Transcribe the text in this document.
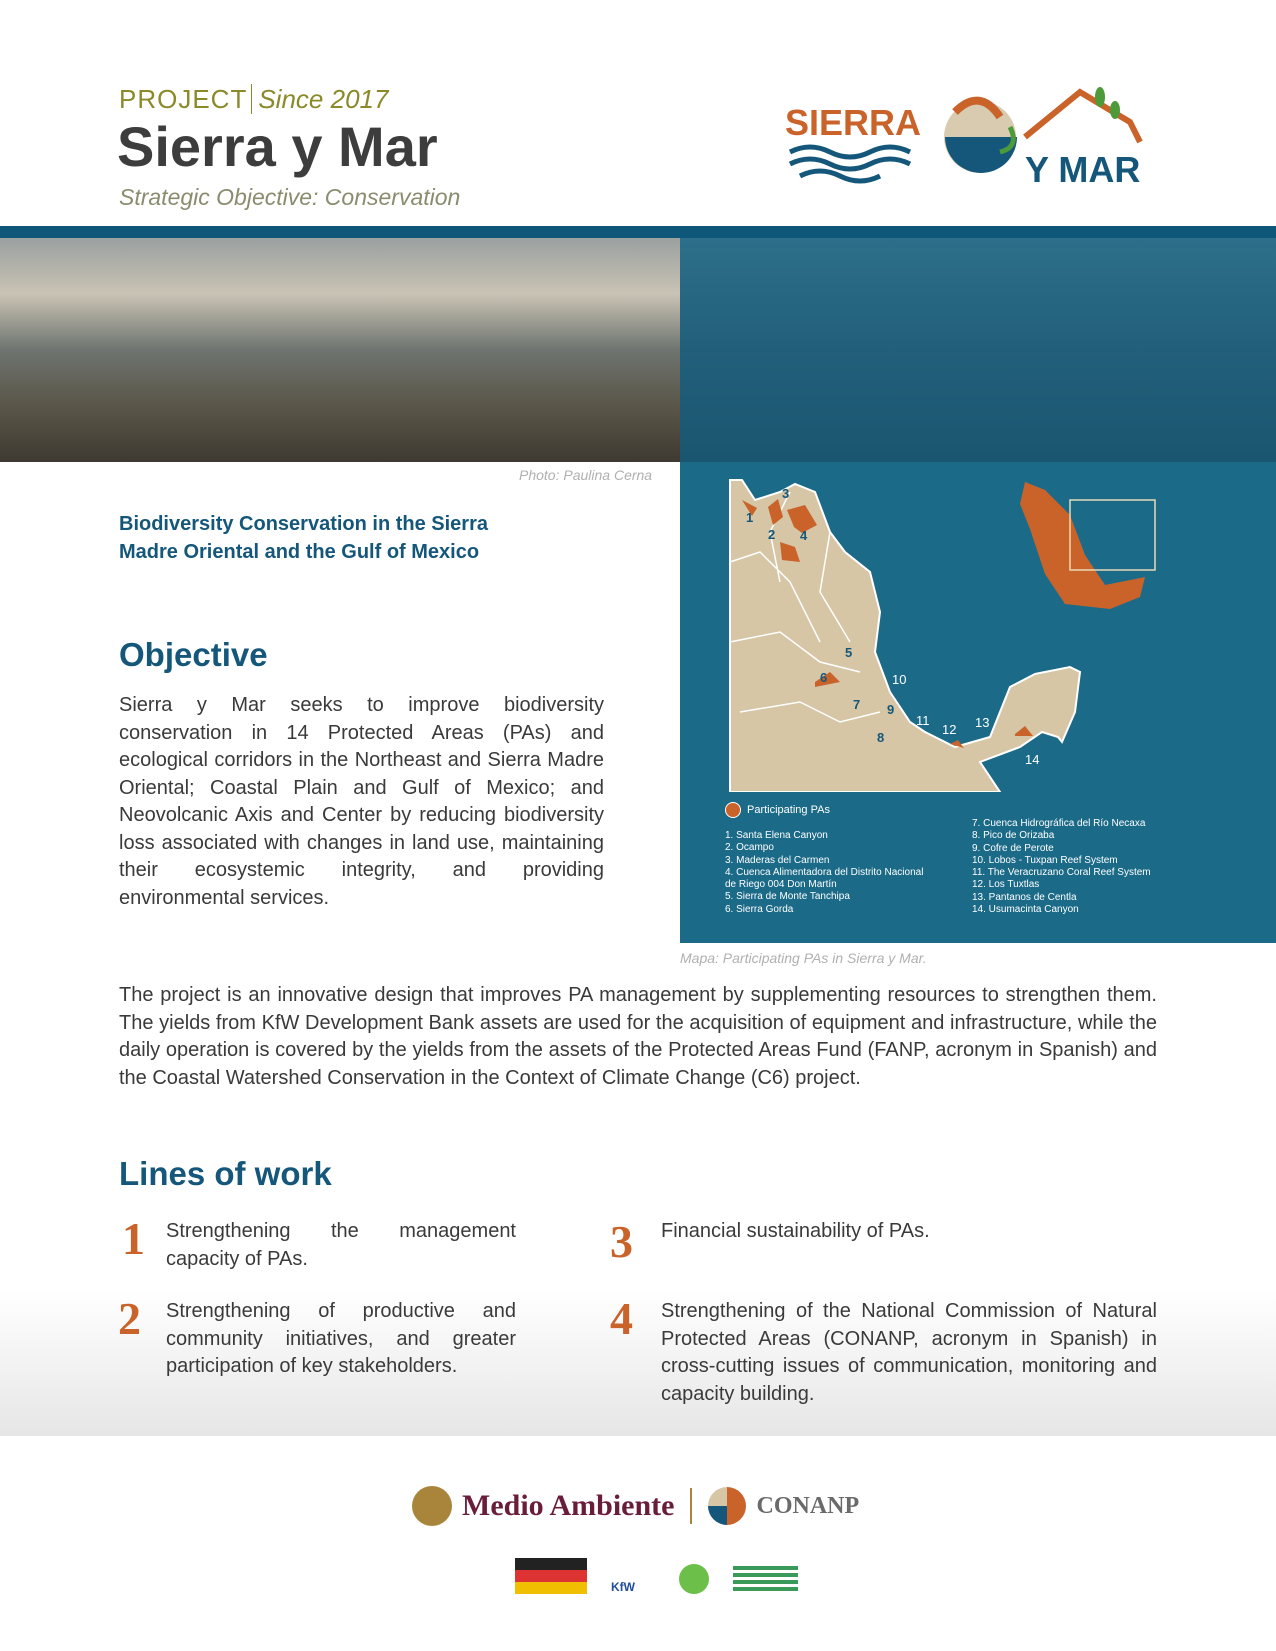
PROJECT Since 2017
Sierra y Mar
Strategic Objective: Conservation
SIERRA
Y MAR
Photo: Paulina Cerna
1
2
3
4
5
6
7
8
9
10
11
12 13
14
Participating PAs
1. Santa Elena Canyon
2. Ocampo
3. Maderas del Carmen
4. Cuenca Alimentadora del Distrito Nacional de Riego 004 Don Martín
5. Sierra de Monte Tanchipa
6. Sierra Gorda
7. Cuenca Hidrográfica del Río Necaxa
8. Pico de Orizaba
9. Cofre de Perote
10. Lobos - Tuxpan Reef System
11. The Veracruzano Coral Reef System
12. Los Tuxtlas
13. Pantanos de Centla
14. Usumacinta Canyon
Mapa: Participating PAs in Sierra y Mar.
Biodiversity Conservation in the Sierra Madre Oriental and the Gulf of Mexico
Objective
Sierra y Mar seeks to improve biodiversity conservation in 14 Protected Areas (PAs) and ecological corridors in the Northeast and Sierra Madre Oriental; Coastal Plain and Gulf of Mexico; and Neovolcanic Axis and Center by reducing biodiversity loss associated with changes in land use, maintaining their ecosystemic integrity, and providing environmental services.
The project is an innovative design that improves PA management by supplementing resources to strengthen them. The yields from KfW Development Bank assets are used for the acquisition of equipment and infrastructure, while the daily operation is covered by the yields from the assets of the Protected Areas Fund (FANP, acronym in Spanish) and the Coastal Watershed Conservation in the Context of Climate Change (C6) project.
Lines of work
1 Strengthening the management capacity of PAs.
2 Strengthening of productive and community initiatives, and greater participation of key stakeholders.
3 Financial sustainability of PAs.
4 Strengthening of the National Commission of Natural Protected Areas (CONANP, acronym in Spanish) in cross-cutting issues of communication, monitoring and capacity building.
Medio Ambiente	CONANP
KfW
